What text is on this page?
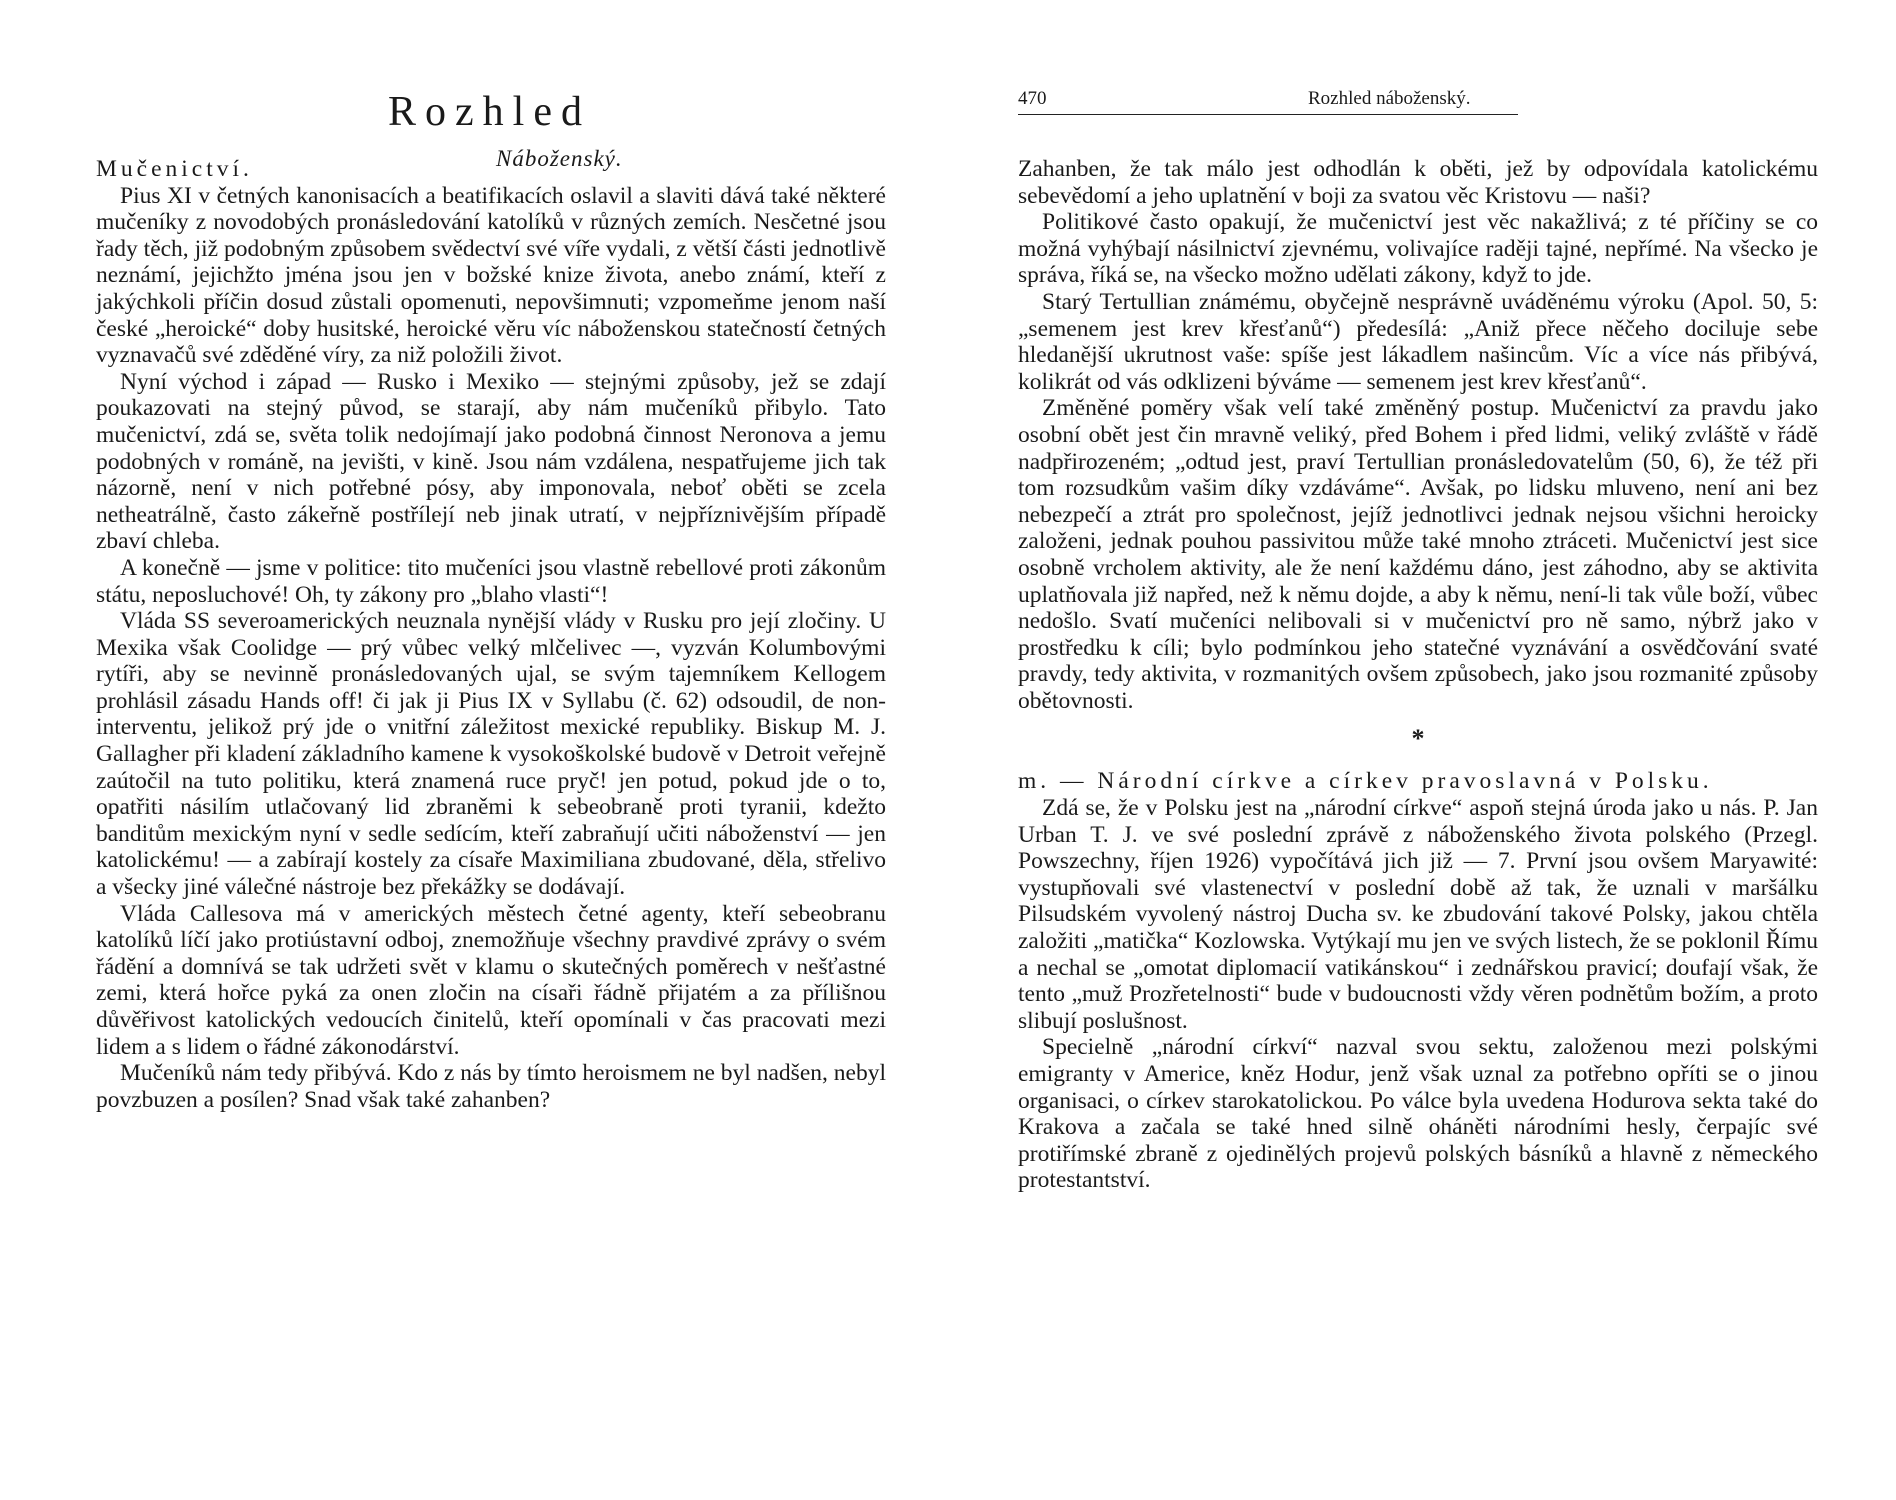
Rozhled
Náboženský.
Mučenictví.

Pius XI v četných kanonisacích a beatifikacích oslavil a slaviti dává také některé mučeníky z novodobých pronásledování katolíků v různých zemích. Nesčetné jsou řady těch, již podobným způsobem svědectví své víře vydali, z větší části jednotlivě neznámí, jejichžto jména jsou jen v božské knize života, anebo známí, kteří z jakýchkoli příčin dosud zůstali opomenuti, nepovšimnuti; vzpomeňme jenom naší české „heroické“ doby husitské, heroické věru víc náboženskou statečností četných vyznavačů své zděděné víry, za niž položili život.

Nyní východ i západ — Rusko i Mexiko — stejnými způsoby, jež se zdají poukazovati na stejný původ, se starají, aby nám mučeníků přibylo. Tato mučenictví, zdá se, světa tolik nedojímají jako podobná činnost Neronova a jemu podobných v románě, na jevišti, v kině. Jsou nám vzdálena, nespatřujeme jich tak názorně, není v nich potřebné pósy, aby imponovala, neboť oběti se zcela netheatrálně, často zákeřně postřílejí neb jinak utratí, v nejpříznivějším případě zbaví chleba.

A konečně — jsme v politice: tito mučeníci jsou vlastně rebellové proti zákonům státu, neposluchové! Oh, ty zákony pro „blaho vlasti“!

Vláda SS severoamerických neuznala nynější vlády v Rusku pro její zločiny. U Mexika však Coolidge — prý vůbec velký mlčelivec —, vyzván Kolumbovými rytíři, aby se nevinně pronásledovaných ujal, se svým tajemníkem Kellogem prohlásil zásadu Hands off! či jak ji Pius IX v Syllabu (č. 62) odsoudil, de non-interventu, jelikož prý jde o vnitřní záležitost mexické republiky. Biskup M. J. Gallagher při kladení základního kamene k vysokoškolské budově v Detroit veřejně zaútočil na tuto politiku, která znamená ruce pryč! jen potud, pokud jde o to, opatřiti násilím utlačovaný lid zbraněmi k sebeobraně proti tyranii, kdežto banditům mexickým nyní v sedle sedícím, kteří zabraňují učiti náboženství — jen katolickému! — a zabírají kostely za císaře Maximiliana zbudované, děla, střelivo a všecky jiné válečné nástroje bez překážky se dodávají.

Vláda Callesova má v amerických městech četné agenty, kteří sebeobranu katolíků líčí jako protiústavní odboj, znemožňuje všechny pravdivé zprávy o svém řádění a domnívá se tak udržeti svět v klamu o skutečných poměrech v nešťastné zemi, která hořce pyká za onen zločin na císaři řádně přijatém a za přílišnou důvěřivost katolických vedoucích činitelů, kteří opomínali v čas pracovati mezi lidem a s lidem o řádné zákonodárství.

Mučeníků nám tedy přibývá. Kdo z nás by tímto heroismem ne byl nadšen, nebyl povzbuzen a posílen? Snad však také zahanben?

470	Rozhled náboženský.

Zahanben, že tak málo jest odhodlán k oběti, jež by odpovídala katolickému sebevědomí a jeho uplatnění v boji za svatou věc Kristovu — naši?

Politikové často opakují, že mučenictví jest věc nakažlivá; z té příčiny se co možná vyhýbají násilnictví zjevnému, volivajíce raději tajné, nepřímé. Na všecko je správa, říká se, na všecko možno udělati zákony, když to jde.

Starý Tertullian známému, obyčejně nesprávně uváděnému výroku (Apol. 50, 5: „semenem jest krev křesťanů“) předesílá: „Aniž přece něčeho dociluje sebe hledanější ukrutnost vaše: spíše jest lákadlem našincům. Víc a více nás přibývá, kolikrát od vás odklizeni býváme — semenem jest krev křesťanů“.

Změněné poměry však velí také změněný postup. Mučenictví za pravdu jako osobní obět jest čin mravně veliký, před Bohem i před lidmi, veliký zvláště v řádě nadpřirozeném; „odtud jest, praví Tertullian pronásledovatelům (50, 6), že též při tom rozsudkům vašim díky vzdáváme“. Avšak, po lidsku mluveno, není ani bez nebezpečí a ztrát pro společnost, jejíž jednotlivci jednak nejsou všichni heroicky založeni, jednak pouhou passivitou může také mnoho ztráceti. Mučenictví jest sice osobně vrcholem aktivity, ale že není každému dáno, jest záhodno, aby se aktivita uplatňovala již napřed, než k němu dojde, a aby k němu, není-li tak vůle boží, vůbec nedošlo. Svatí mučeníci nelibovali si v mučenictví pro ně samo, nýbrž jako v prostředku k cíli; bylo podmínkou jeho statečné vyznávání a osvědčování svaté pravdy, tedy aktivita, v rozmanitých ovšem způsobech, jako jsou rozmanité způsoby obětovnosti.

*
m. — Národní církve a církev pravoslavná v Polsku.

Zdá se, že v Polsku jest na „národní církve“ aspoň stejná úroda jako u nás. P. Jan Urban T. J. ve své poslední zprávě z náboženského života polského (Przegl. Powszechny, říjen 1926) vypočítává jich již — 7. První jsou ovšem Maryawité: vystupňovali své vlastenectví v poslední době až tak, že uznali v maršálku Pilsudském vyvolený nástroj Ducha sv. ke zbudování takové Polsky, jakou chtěla založiti „matička“ Kozlowska. Vytýkají mu jen ve svých listech, že se poklonil Římu a nechal se „omotat diplomacií vatikánskou“ i zednářskou pravicí; doufají však, že tento „muž Prozřetelnosti“ bude v budoucnosti vždy věren podnětům božím, a proto slibují poslušnost.

Specielně „národní církví“ nazval svou sektu, založenou mezi polskými emigranty v Americe, kněz Hodur, jenž však uznal za potřebno opříti se o jinou organisaci, o církev starokatolickou. Po válce byla uvedena Hodurova sekta také do Krakova a začala se také hned silně oháněti národními hesly, čerpajíc své protiřímské zbraně z ojedinělých projevů polských básníků a hlavně z německého protestantství.
